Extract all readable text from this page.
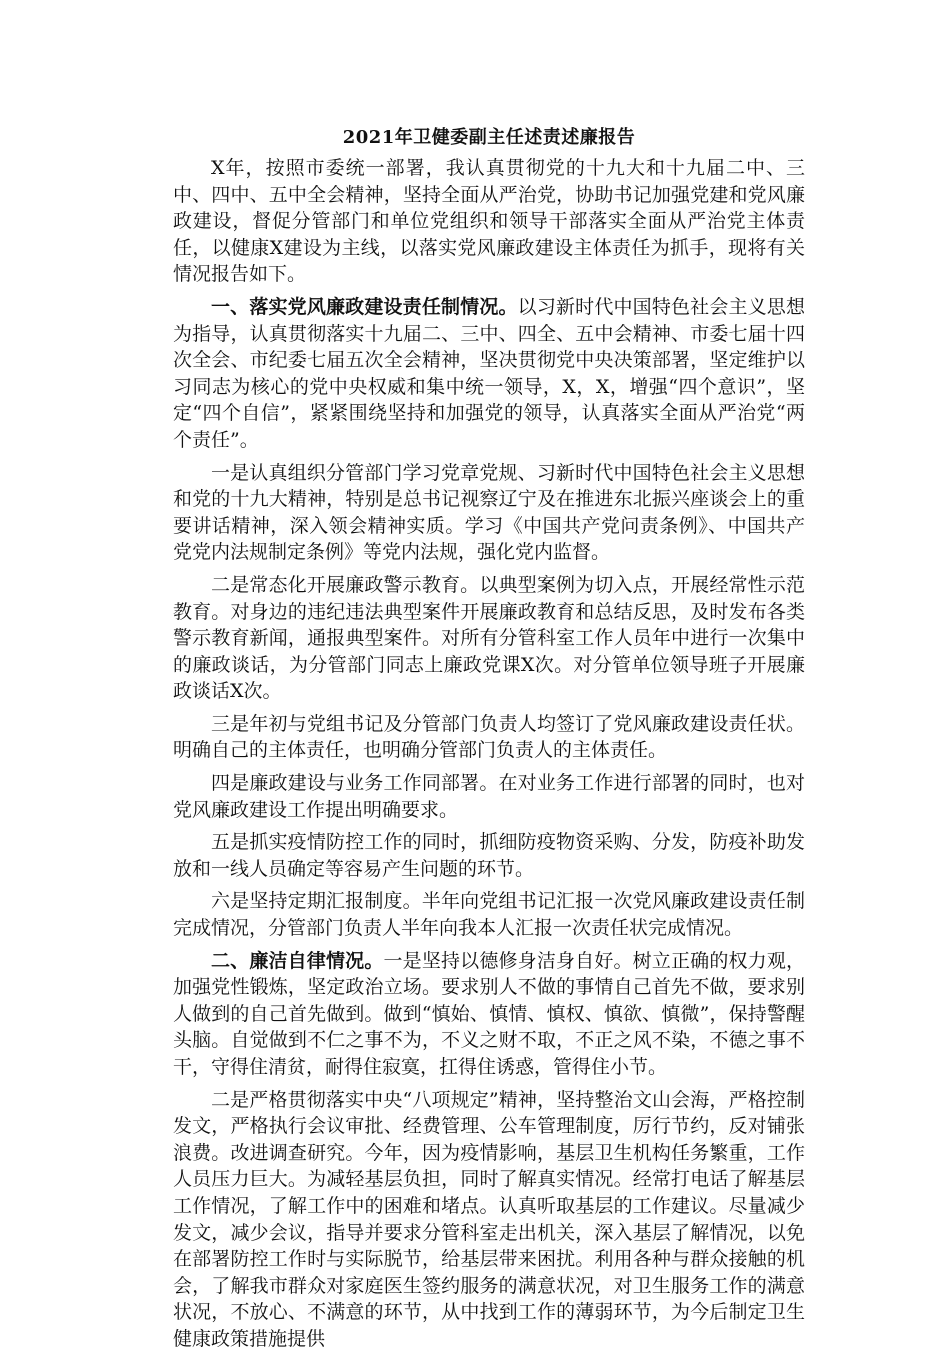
2021年卫健委副主任述责述廉报告

X年，按照市委统一部署，我认真贯彻党的十九大和十九届二中、三中、四中、五中全会精神，坚持全面从严治党，协助书记加强党建和党风廉政建设，督促分管部门和单位党组织和领导干部落实全面从严治党主体责任，以健康X建设为主线，以落实党风廉政建设主体责任为抓手，现将有关情况报告如下。

一、落实党风廉政建设责任制情况。以习新时代中国特色社会主义思想为指导，认真贯彻落实十九届二、三中、四全、五中会精神、市委七届十四次全会、市纪委七届五次全会精神，坚决贯彻党中央决策部署，坚定维护以习同志为核心的党中央权威和集中统一领导，X，X，增强“四个意识”，坚定“四个自信”，紧紧围绕坚持和加强党的领导，认真落实全面从严治党“两个责任”。

一是认真组织分管部门学习党章党规、习新时代中国特色社会主义思想和党的十九大精神，特别是总书记视察辽宁及在推进东北振兴座谈会上的重要讲话精神，深入领会精神实质。学习《中国共产党问责条例》、中国共产党党内法规制定条例》等党内法规，强化党内监督。

二是常态化开展廉政警示教育。以典型案例为切入点，开展经常性示范教育。对身边的违纪违法典型案件开展廉政教育和总结反思，及时发布各类警示教育新闻，通报典型案件。对所有分管科室工作人员年中进行一次集中的廉政谈话，为分管部门同志上廉政党课X次。对分管单位领导班子开展廉政谈话X次。

三是年初与党组书记及分管部门负责人均签订了党风廉政建设责任状。明确自己的主体责任，也明确分管部门负责人的主体责任。

四是廉政建设与业务工作同部署。在对业务工作进行部署的同时，也对党风廉政建设工作提出明确要求。

五是抓实疫情防控工作的同时，抓细防疫物资采购、分发，防疫补助发放和一线人员确定等容易产生问题的环节。

六是坚持定期汇报制度。半年向党组书记汇报一次党风廉政建设责任制完成情况，分管部门负责人半年向我本人汇报一次责任状完成情况。

二、廉洁自律情况。一是坚持以德修身洁身自好。树立正确的权力观，加强党性锻炼，坚定政治立场。要求别人不做的事情自己首先不做，要求别人做到的自己首先做到。做到“慎始、慎情、慎权、慎欲、慎微”，保持警醒头脑。自觉做到不仁之事不为，不义之财不取，不正之风不染，不德之事不干，守得住清贫，耐得住寂寞，扛得住诱惑，管得住小节。

二是严格贯彻落实中央“八项规定”精神，坚持整治文山会海，严格控制发文，严格执行会议审批、经费管理、公车管理制度，厉行节约，反对铺张浪费。改进调查研究。今年，因为疫情影响，基层卫生机构任务繁重，工作人员压力巨大。为减轻基层负担，同时了解真实情况。经常打电话了解基层工作情况，了解工作中的困难和堵点。认真听取基层的工作建议。尽量减少发文，减少会议，指导并要求分管科室走出机关，深入基层了解情况，以免在部署防控工作时与实际脱节，给基层带来困扰。利用各种与群众接触的机会，了解我市群众对家庭医生签约服务的满意状况，对卫生服务工作的满意状况，不放心、不满意的环节，从中找到工作的薄弱环节，为今后制定卫生健康政策措施提供
